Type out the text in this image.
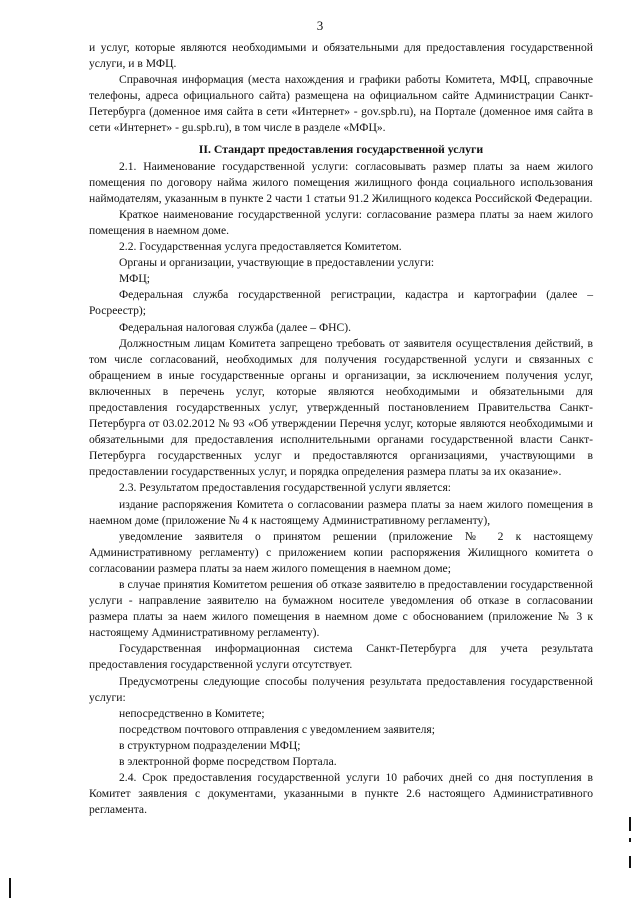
3

и услуг, которые являются необходимыми и обязательными для предоставления государственной услуги, и в МФЦ.

Справочная информация (места нахождения и графики работы Комитета, МФЦ, справочные телефоны, адреса официального сайта) размещена на официальном сайте Администрации Санкт-Петербурга (доменное имя сайта в сети «Интернет» - gov.spb.ru), на Портале (доменное имя сайта в сети «Интернет» - gu.spb.ru), в том числе в разделе «МФЦ».

II. Стандарт предоставления государственной услуги

2.1. Наименование государственной услуги: согласовывать размер платы за наем жилого помещения по договору найма жилого помещения жилищного фонда социального использования наймодателям, указанным в пункте 2 части 1 статьи 91.2 Жилищного кодекса Российской Федерации.

Краткое наименование государственной услуги: согласование размера платы за наем жилого помещения в наемном доме.

2.2. Государственная услуга предоставляется Комитетом.

Органы и организации, участвующие в предоставлении услуги:

МФЦ;

Федеральная служба государственной регистрации, кадастра и картографии (далее – Росреестр);

Федеральная налоговая служба (далее – ФНС).

Должностным лицам Комитета запрещено требовать от заявителя осуществления действий, в том числе согласований, необходимых для получения государственной услуги и связанных с обращением в иные государственные органы и организации, за исключением получения услуг, включенных в перечень услуг, которые являются необходимыми и обязательными для предоставления государственных услуг, утвержденный постановлением Правительства Санкт-Петербурга от 03.02.2012 № 93 «Об утверждении Перечня услуг, которые являются необходимыми и обязательными для предоставления исполнительными органами государственной власти Санкт-Петербурга государственных услуг и предоставляются организациями, участвующими в предоставлении государственных услуг, и порядка определения размера платы за их оказание».

2.3. Результатом предоставления государственной услуги является:

издание распоряжения Комитета о согласовании размера платы за наем жилого помещения в наемном доме (приложение № 4 к настоящему Административному регламенту),

уведомление заявителя о принятом решении (приложение № 2 к настоящему Административному регламенту) с приложением копии распоряжения Жилищного комитета о согласовании размера платы за наем жилого помещения в наемном доме;

в случае принятия Комитетом решения об отказе заявителю в предоставлении государственной услуги - направление заявителю на бумажном носителе уведомления об отказе в согласовании размера платы за наем жилого помещения в наемном доме с обоснованием (приложение № 3 к настоящему Административному регламенту).

Государственная информационная система Санкт-Петербурга для учета результата предоставления государственной услуги отсутствует.

Предусмотрены следующие способы получения результата предоставления государственной услуги:

непосредственно в Комитете;

посредством почтового отправления с уведомлением заявителя;

в структурном подразделении МФЦ;

в электронной форме посредством Портала.

2.4. Срок предоставления государственной услуги 10 рабочих дней со дня поступления в Комитет заявления с документами, указанными в пункте 2.6 настоящего Административного регламента.
